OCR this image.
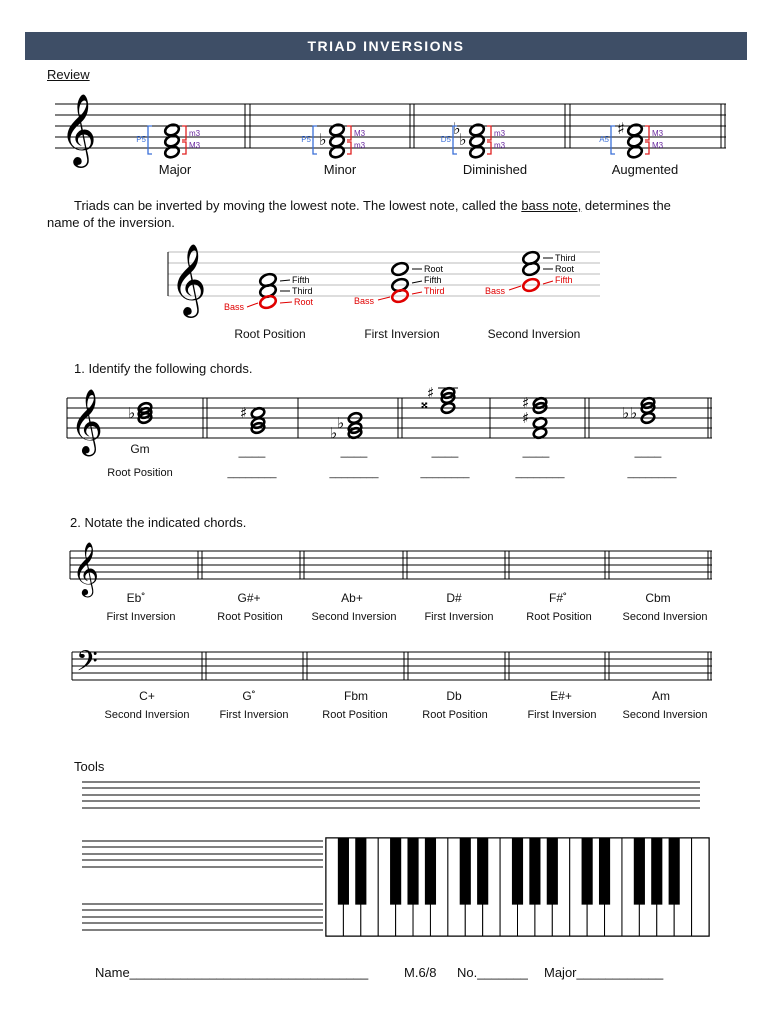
TRIAD INVERSIONS
Review
𝄞	P5
m3
M3	♭
P5
M3
m3
♭
♭
D5
m3
m3
♯
A5
M3
M3
Major	Minor	Diminished	Augmented
Triads can be inverted by moving the lowest note. The lowest note, called the bass note, determines the
name of the inversion.
𝄞	Fifth
Third
Root
Bass
Root
Fifth
Third
Bass
Third
Root
Fifth
Bass
Root Position	First Inversion	Second Inversion
1. Identify the following chords.
𝄞 ♭	♯
♭
♭
♯
𝄪	♯
♯	♭
♭
Gm	____	____	____	____	____
Root Position	________	________	________	________	________
2. Notate the indicated chords.
𝄞
𝄢
Eb˚	G#+	Ab+	D#	F#˚	Cbm
First Inversion	Root Position	Second Inversion	First Inversion	Root Position	Second Inversion
C+	G˚	Fbm	Db	E#+	Am
Second Inversion	First Inversion	Root Position	Root Position	First Inversion	Second Inversion
Tools
Name_________________________________	M.6/8 No._______ Major____________
